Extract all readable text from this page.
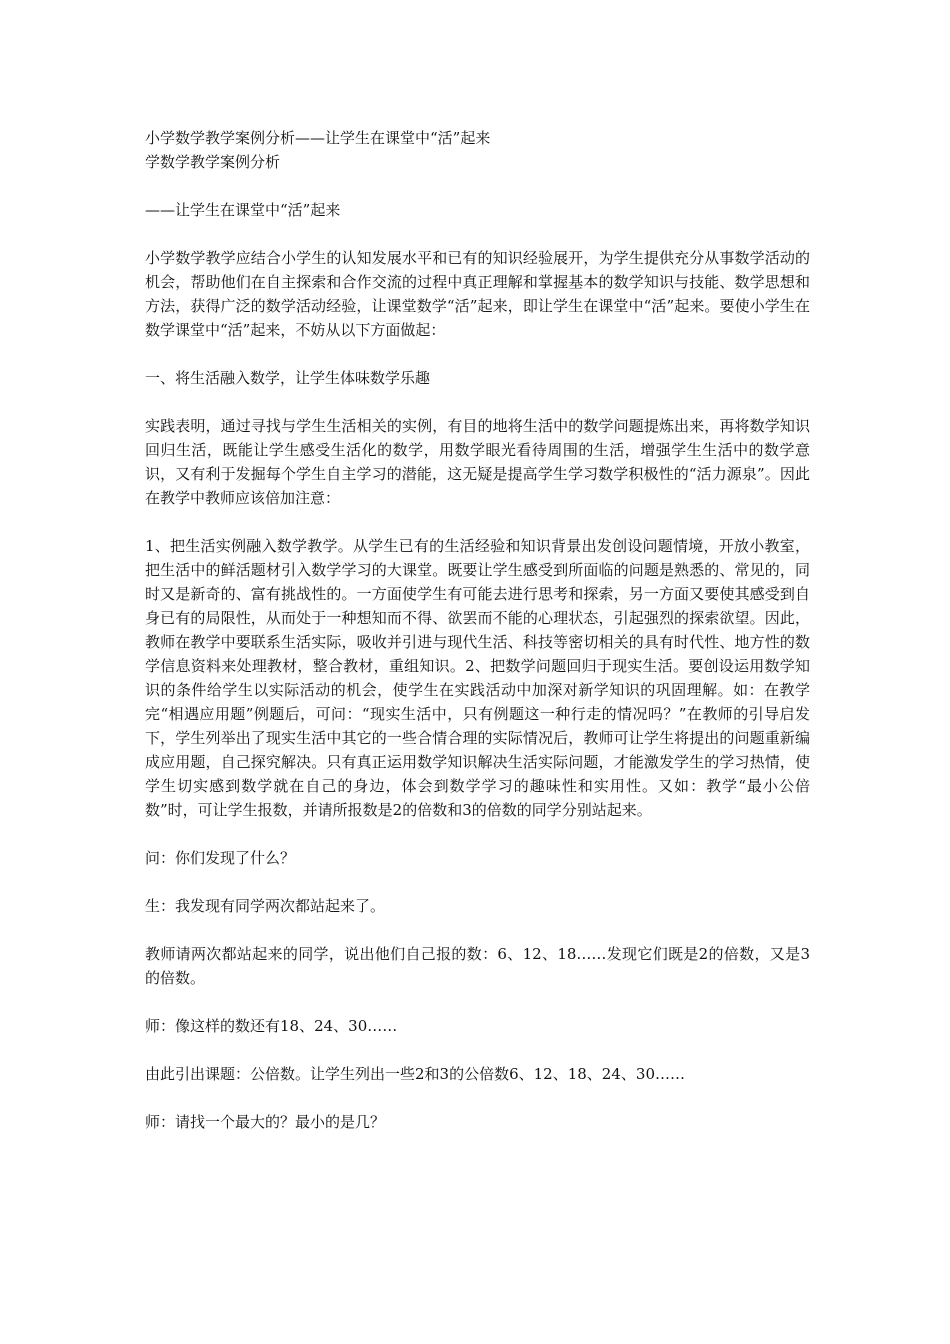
小学数学教学案例分析——让学生在课堂中“活”起来

学数学教学案例分析

——让学生在课堂中“活”起来

小学数学教学应结合小学生的认知发展水平和已有的知识经验展开，为学生提供充分从事数学活动的机会，帮助他们在自主探索和合作交流的过程中真正理解和掌握基本的数学知识与技能、数学思想和方法，获得广泛的数学活动经验，让课堂数学“活”起来，即让学生在课堂中“活”起来。要使小学生在数学课堂中“活”起来，不妨从以下方面做起：

一、将生活融入数学，让学生体味数学乐趣

实践表明，通过寻找与学生生活相关的实例，有目的地将生活中的数学问题提炼出来，再将数学知识回归生活，既能让学生感受生活化的数学，用数学眼光看待周围的生活，增强学生生活中的数学意识，又有利于发掘每个学生自主学习的潜能，这无疑是提高学生学习数学积极性的“活力源泉”。因此在教学中教师应该倍加注意：

1、把生活实例融入数学教学。从学生已有的生活经验和知识背景出发创设问题情境，开放小教室，把生活中的鲜活题材引入数学学习的大课堂。既要让学生感受到所面临的问题是熟悉的、常见的，同时又是新奇的、富有挑战性的。一方面使学生有可能去进行思考和探索，另一方面又要使其感受到自身已有的局限性，从而处于一种想知而不得、欲罢而不能的心理状态，引起强烈的探索欲望。因此，教师在教学中要联系生活实际，吸收并引进与现代生活、科技等密切相关的具有时代性、地方性的数学信息资料来处理教材，整合教材，重组知识。2、把数学问题回归于现实生活。要创设运用数学知识的条件给学生以实际活动的机会，使学生在实践活动中加深对新学知识的巩固理解。如：在教学完“相遇应用题”例题后，可问：“现实生活中，只有例题这一种行走的情况吗？”在教师的引导启发下，学生列举出了现实生活中其它的一些合情合理的实际情况后，教师可让学生将提出的问题重新编成应用题，自己探究解决。只有真正运用数学知识解决生活实际问题，才能激发学生的学习热情，使学生切实感到数学就在自己的身边，体会到数学学习的趣味性和实用性。又如：教学“最小公倍数”时，可让学生报数，并请所报数是2的倍数和3的倍数的同学分别站起来。

问：你们发现了什么？

生：我发现有同学两次都站起来了。

教师请两次都站起来的同学，说出他们自己报的数：6、12、18……发现它们既是2的倍数，又是3的倍数。

师：像这样的数还有18、24、30……

由此引出课题：公倍数。让学生列出一些2和3的公倍数6、12、18、24、30……

师：请找一个最大的？最小的是几？
